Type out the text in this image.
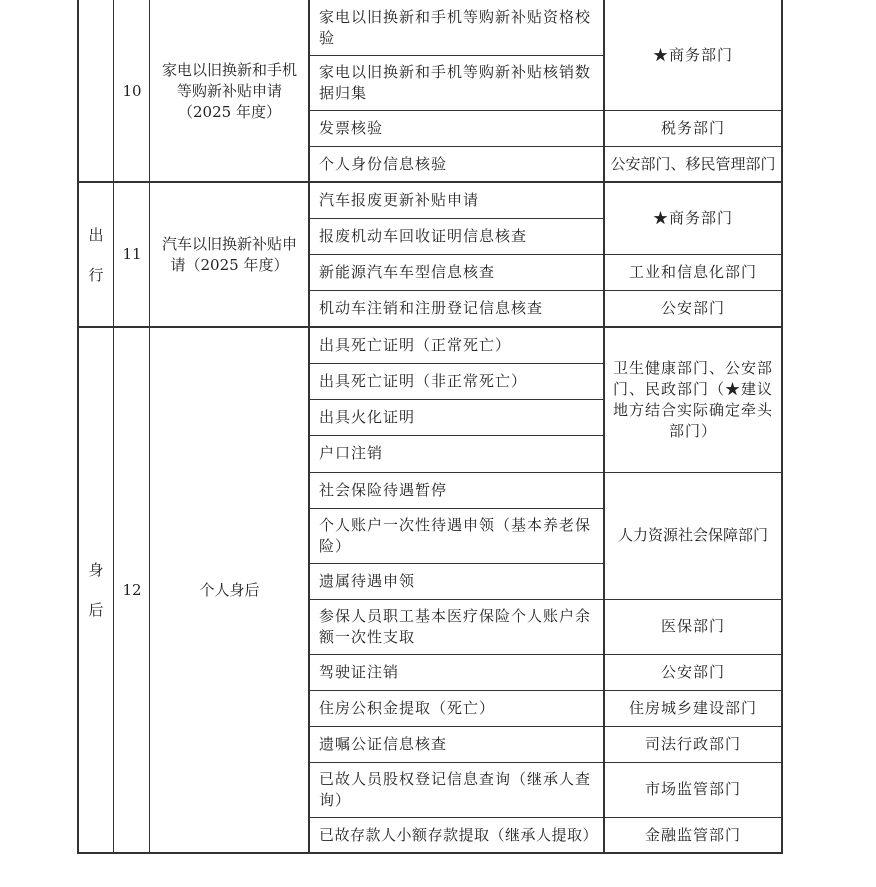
10
家电以旧换新和手机等购新补贴申请（2025 年度）
家电以旧换新和手机等购新补贴资格校验
家电以旧换新和手机等购新补贴核销数据归集
发票核验
个人身份信息核验
★商务部门
税务部门
公安部门、移民管理部门
出
行
11
汽车以旧换新补贴申请（2025 年度）
汽车报废更新补贴申请
报废机动车回收证明信息核查
新能源汽车车型信息核查
机动车注销和注册登记信息核查
★商务部门
工业和信息化部门
公安部门
身
后
12	个人身后
出具死亡证明（正常死亡）
出具死亡证明（非正常死亡）
出具火化证明
户口注销
社会保险待遇暂停
个人账户一次性待遇申领（基本养老保险）
遗属待遇申领
参保人员职工基本医疗保险个人账户余额一次性支取
驾驶证注销
住房公积金提取（死亡）
遗嘱公证信息核查
已故人员股权登记信息查询（继承人查询）
已故存款人小额存款提取（继承人提取）
卫生健康部门、公安部门、民政部门（★建议地方结合实际确定牵头部门）
人力资源社会保障部门
医保部门
公安部门
住房城乡建设部门
司法行政部门
市场监管部门
金融监管部门
